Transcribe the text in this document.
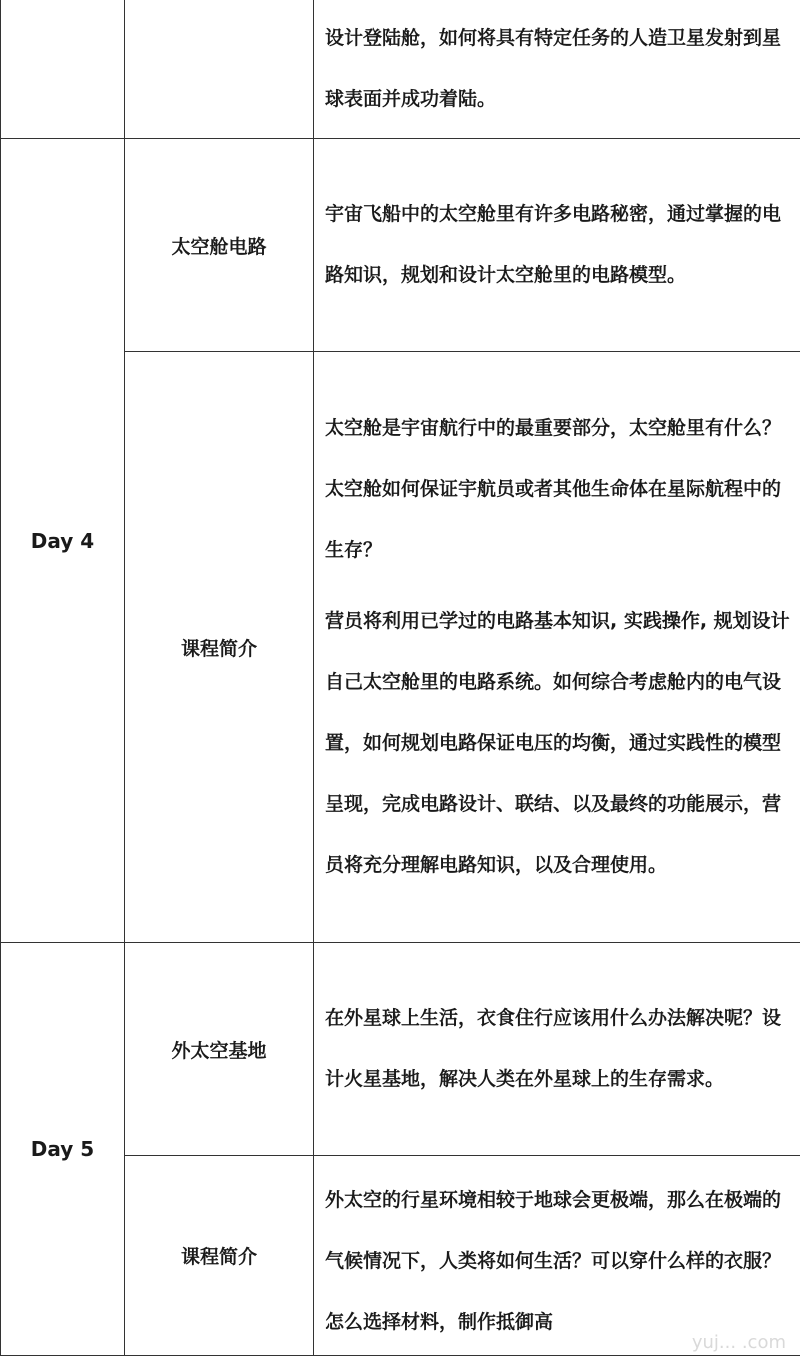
		设计登陆舱，如何将具有特定任务的人造卫星发射到星球表面并成功着陆。

Day 4	太空舱电路	宇宙飞船中的太空舱里有许多电路秘密，通过掌握的电路知识，规划和设计太空舱里的电路模型。

	课程简介	太空舱是宇宙航行中的最重要部分，太空舱里有什么？太空舱如何保证宇航员或者其他生命体在星际航程中的生存？

营员将利用已学过的电路基本知识, 实践操作, 规划设计自己太空舱里的电路系统。如何综合考虑舱内的电气设置，如何规划电路保证电压的均衡，通过实践性的模型呈现，完成电路设计、联结、以及最终的功能展示，营员将充分理解电路知识，以及合理使用。

Day 5	外太空基地	在外星球上生活，衣食住行应该用什么办法解决呢？设计火星基地，解决人类在外星球上的生存需求。

	课程简介	外太空的行星环境相较于地球会更极端，那么在极端的气候情况下，人类将如何生活？可以穿什么样的衣服？怎么选择材料，制作抵御高

yuj... .com
